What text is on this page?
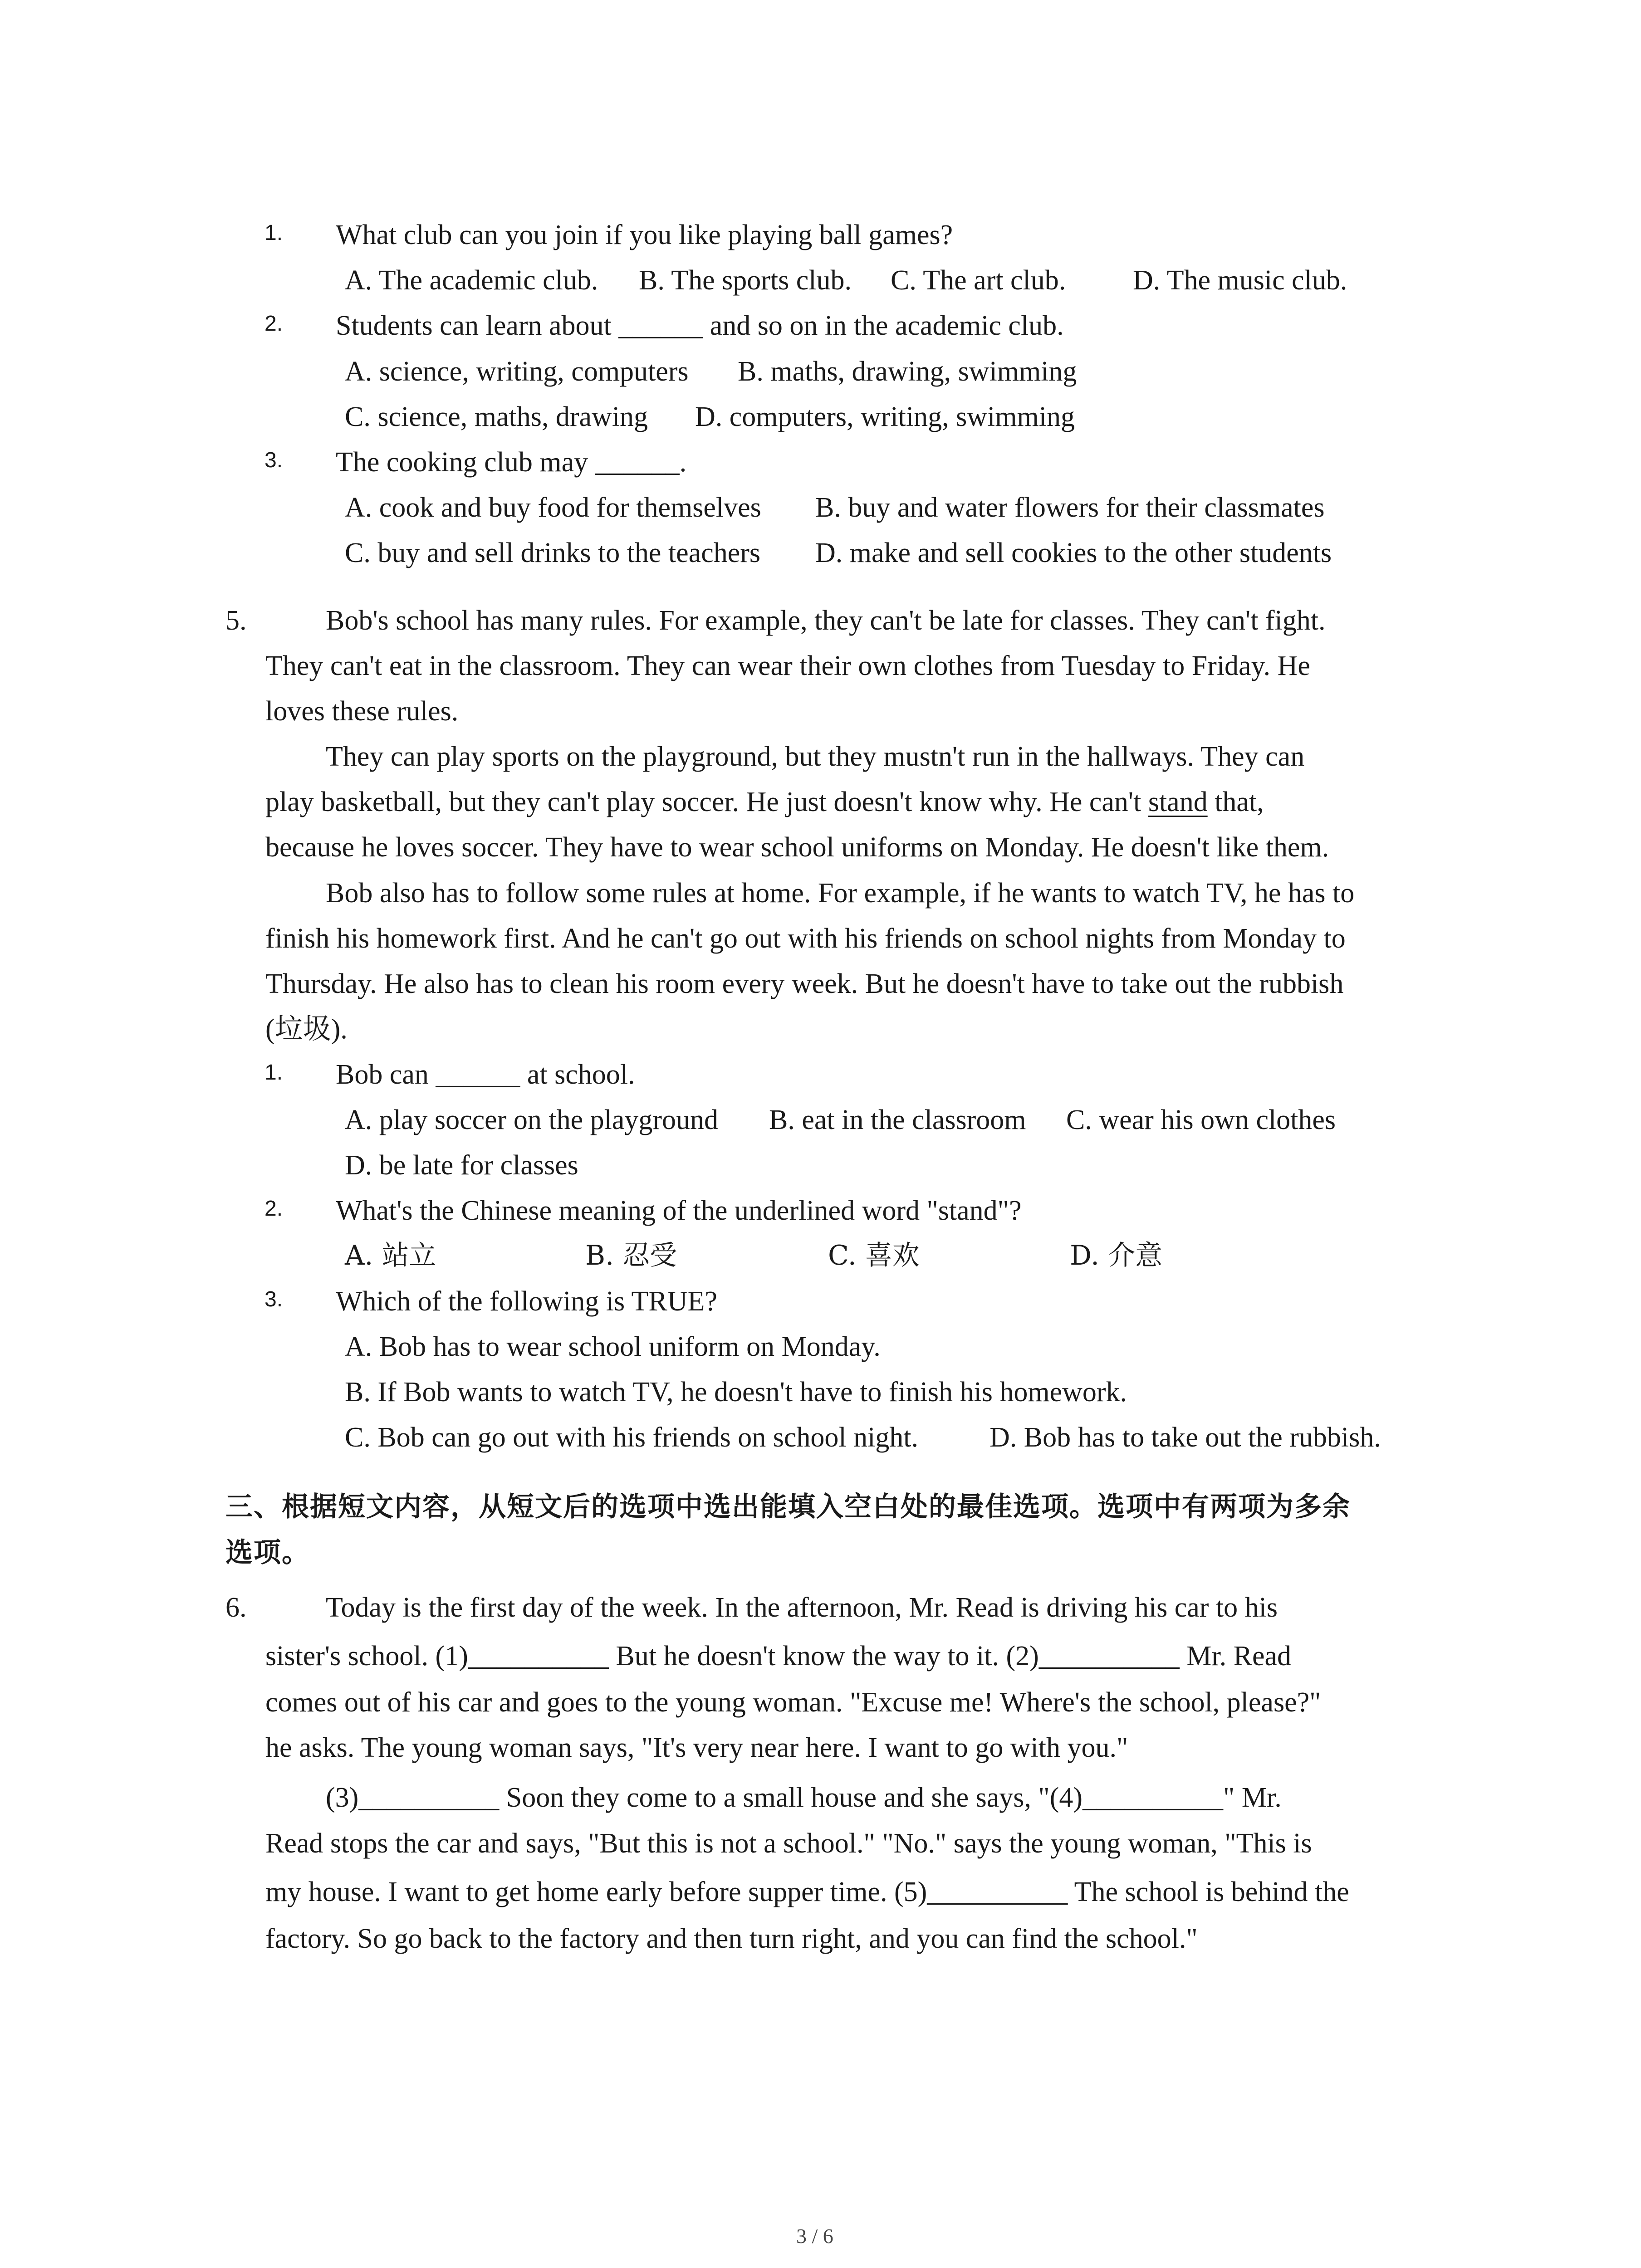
1. What club can you join if you like playing ball games?
A. The academic club. B. The sports club. C. The art club. D. The music club.
2. Students can learn about ______ and so on in the academic club.
A. science, writing, computers B. maths, drawing, swimming
C. science, maths, drawing D. computers, writing, swimming
3. The cooking club may ______.
A. cook and buy food for themselves B. buy and water flowers for their classmates
C. buy and sell drinks to the teachers D. make and sell cookies to the other students
5.	Bob's school has many rules. For example, they can't be late for classes. They can't fight.
They can't eat in the classroom. They can wear their own clothes from Tuesday to Friday. He
loves these rules.
They can play sports on the playground, but they mustn't run in the hallways. They can
play basketball, but they can't play soccer. He just doesn't know why. He can't stand that,
because he loves soccer. They have to wear school uniforms on Monday. He doesn't like them.
Bob also has to follow some rules at home. For example, if he wants to watch TV, he has to
finish his homework first. And he can't go out with his friends on school nights from Monday to
Thursday. He also has to clean his room every week. But he doesn't have to take out the rubbish
(垃圾).
1. Bob can ______ at school.
A. play soccer on the playground B. eat in the classroom C. wear his own clothes
D. be late for classes
2. What's the Chinese meaning of the underlined word "stand"?
A. 站立	B. 忍受	C. 喜欢	D. 介意
3. Which of the following is TRUE?
A. Bob has to wear school uniform on Monday.
B. If Bob wants to watch TV, he doesn't have to finish his homework.
C. Bob can go out with his friends on school night.	D. Bob has to take out the rubbish.
三、根据短文内容，从短文后的选项中选出能填入空白处的最佳选项。选项中有两项为多余
选项。
6.	Today is the first day of the week. In the afternoon, Mr. Read is driving his car to his
sister's school. (1)__________ But he doesn't know the way to it. (2)__________ Mr. Read
comes out of his car and goes to the young woman. "Excuse me! Where's the school, please?"
he asks. The young woman says, "It's very near here. I want to go with you."
(3)__________ Soon they come to a small house and she says, "(4)__________" Mr.
Read stops the car and says, "But this is not a school." "No." says the young woman, "This is
my house. I want to get home early before supper time. (5)__________ The school is behind the
factory. So go back to the factory and then turn right, and you can find the school."
3 / 6
